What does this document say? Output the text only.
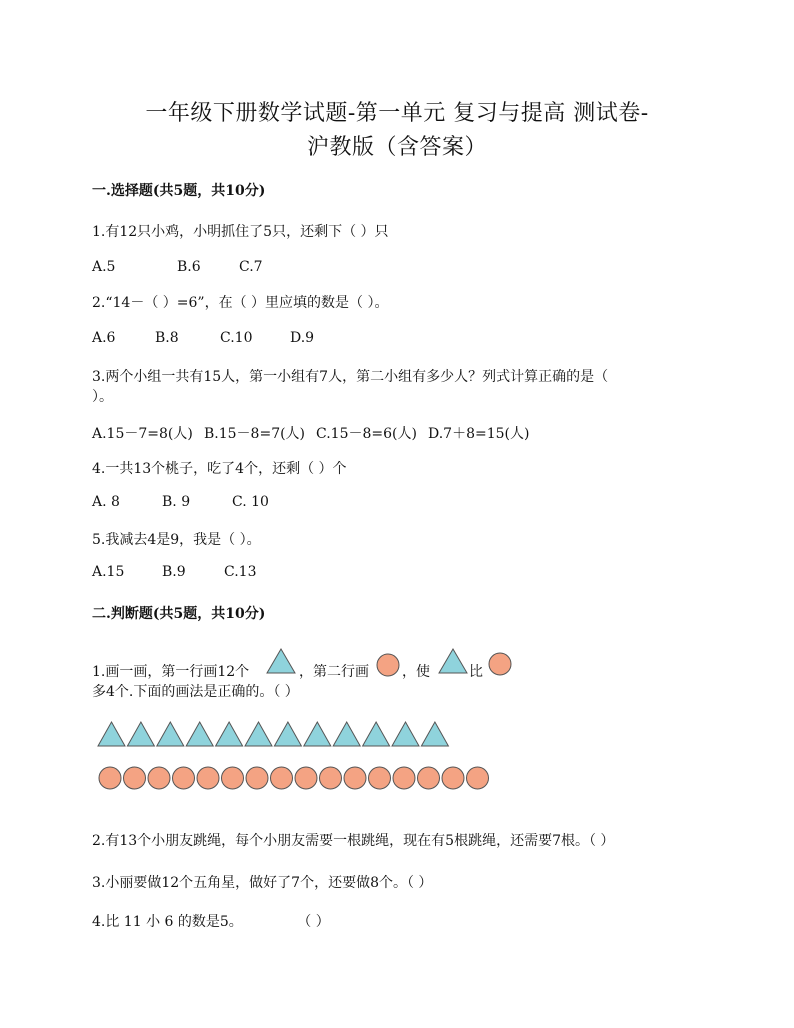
一年级下册数学试题-第一单元 复习与提高 测试卷-
沪教版（含答案）
一.选择题(共5题，共10分)
1.有12只小鸡，小明抓住了5只，还剩下（ ）只
A.5	B.6	C.7
2.“14－（ ）=6”，在（ ）里应填的数是（ ）。
A.6	B.8	C.10	D.9
3.两个小组一共有15人，第一小组有7人，第二小组有多少人？列式计算正确的是（
）。
A.15－7=8(人) B.15－8=7(人) C.15－8=6(人) D.7＋8=15(人)
4.一共13个桃子，吃了4个，还剩（ ）个
A. 8	B. 9	C. 10
5.我减去4是9，我是（ ）。
A.15	B.9	C.13
二.判断题(共5题，共10分)
1.画一画，第一行画12个	，第二行画 ，使	比
多4个.下面的画法是正确的。（ ）
2.有13个小朋友跳绳，每个小朋友需要一根跳绳，现在有5根跳绳，还需要7根。（ ）
3.小丽要做12个五角星，做好了7个，还要做8个。（ ）
4.比 11 小 6 的数是5。	（ ）
